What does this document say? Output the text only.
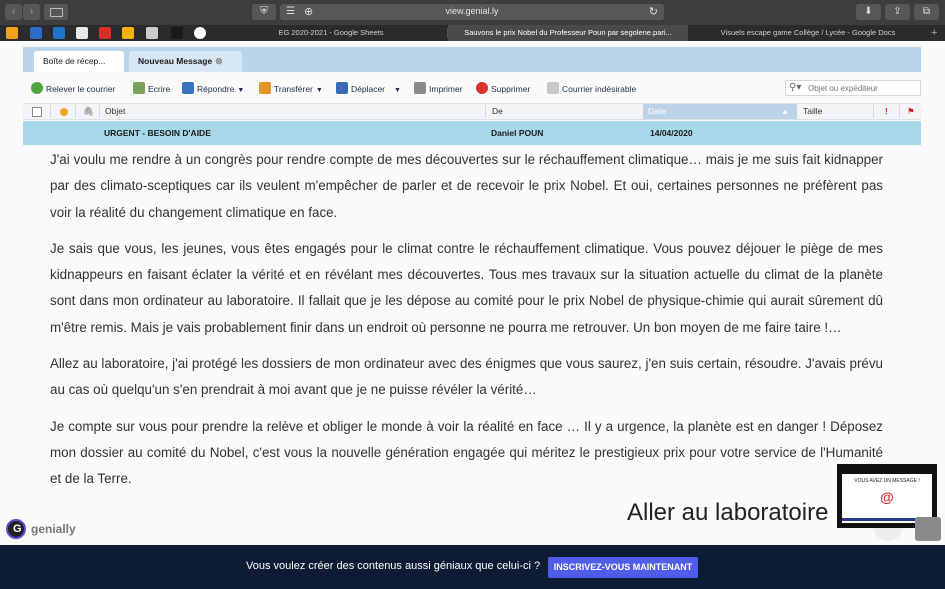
‹	›	⛨	☰ ⊕	view.genial.ly	↻	⬇	⇪	⧉
EG 2020-2021 - Google Sheets	Sauvons le prix Nobel du Professeur Poun par segolene.pari...	Visuels escape game Collège / Lycée - Google Docs	+
Boîte de récep...	Nouveau Message ⊗
Relever le courrier	Ecrire	Répondre ▼	Transférer ▼	Déplacer ▼	Imprimer	Supprimer	Courrier indésirable	⚲▾
Objet ou expéditeur
🖇 Objet	De	Date	▲ Taille	! ⚑
URGENT - BESOIN D'AIDE	Daniel POUN	14/04/2020

J'ai voulu me rendre à un congrès pour rendre compte de mes découvertes sur le réchauffement climatique… mais je me suis fait kidnapper par des climato-sceptiques car ils veulent m'empêcher de parler et de recevoir le prix Nobel. Et oui, certaines personnes ne préfèrent pas voir la réalité du changement climatique en face.

Je sais que vous, les jeunes, vous êtes engagés pour le climat contre le réchauffement climatique. Vous pouvez déjouer le piège de mes kidnappeurs en faisant éclater la vérité et en révélant mes découvertes. Tous mes travaux sur la situation actuelle du climat de la planète sont dans mon ordinateur au laboratoire. Il fallait que je les dépose au comité pour le prix Nobel de physique-chimie qui aurait sûrement dû m'être remis. Mais je vais probablement finir dans un endroit où personne ne pourra me retrouver. Un bon moyen de me faire taire !…

Allez au laboratoire, j'ai protégé les dossiers de mon ordinateur avec des énigmes que vous saurez, j'en suis certain, résoudre. J'avais prévu au cas où quelqu'un s'en prendrait à moi avant que je ne puisse révéler la vérité…

Je compte sur vous pour prendre la relève et obliger le monde à voir la réalité en face … Il y a urgence, la planète est en danger ! Déposez mon dossier au comité du Nobel, c'est vous la nouvelle génération engagée qui méritez le prestigieux prix pour votre service de l'Humanité et de la Terre.

G genially
Aller au laboratoire
VOUS AVEZ UN MESSAGE !
@
Vous voulez créer des contenus aussi géniaux que celui-ci ?	INSCRIVEZ-VOUS MAINTENANT
